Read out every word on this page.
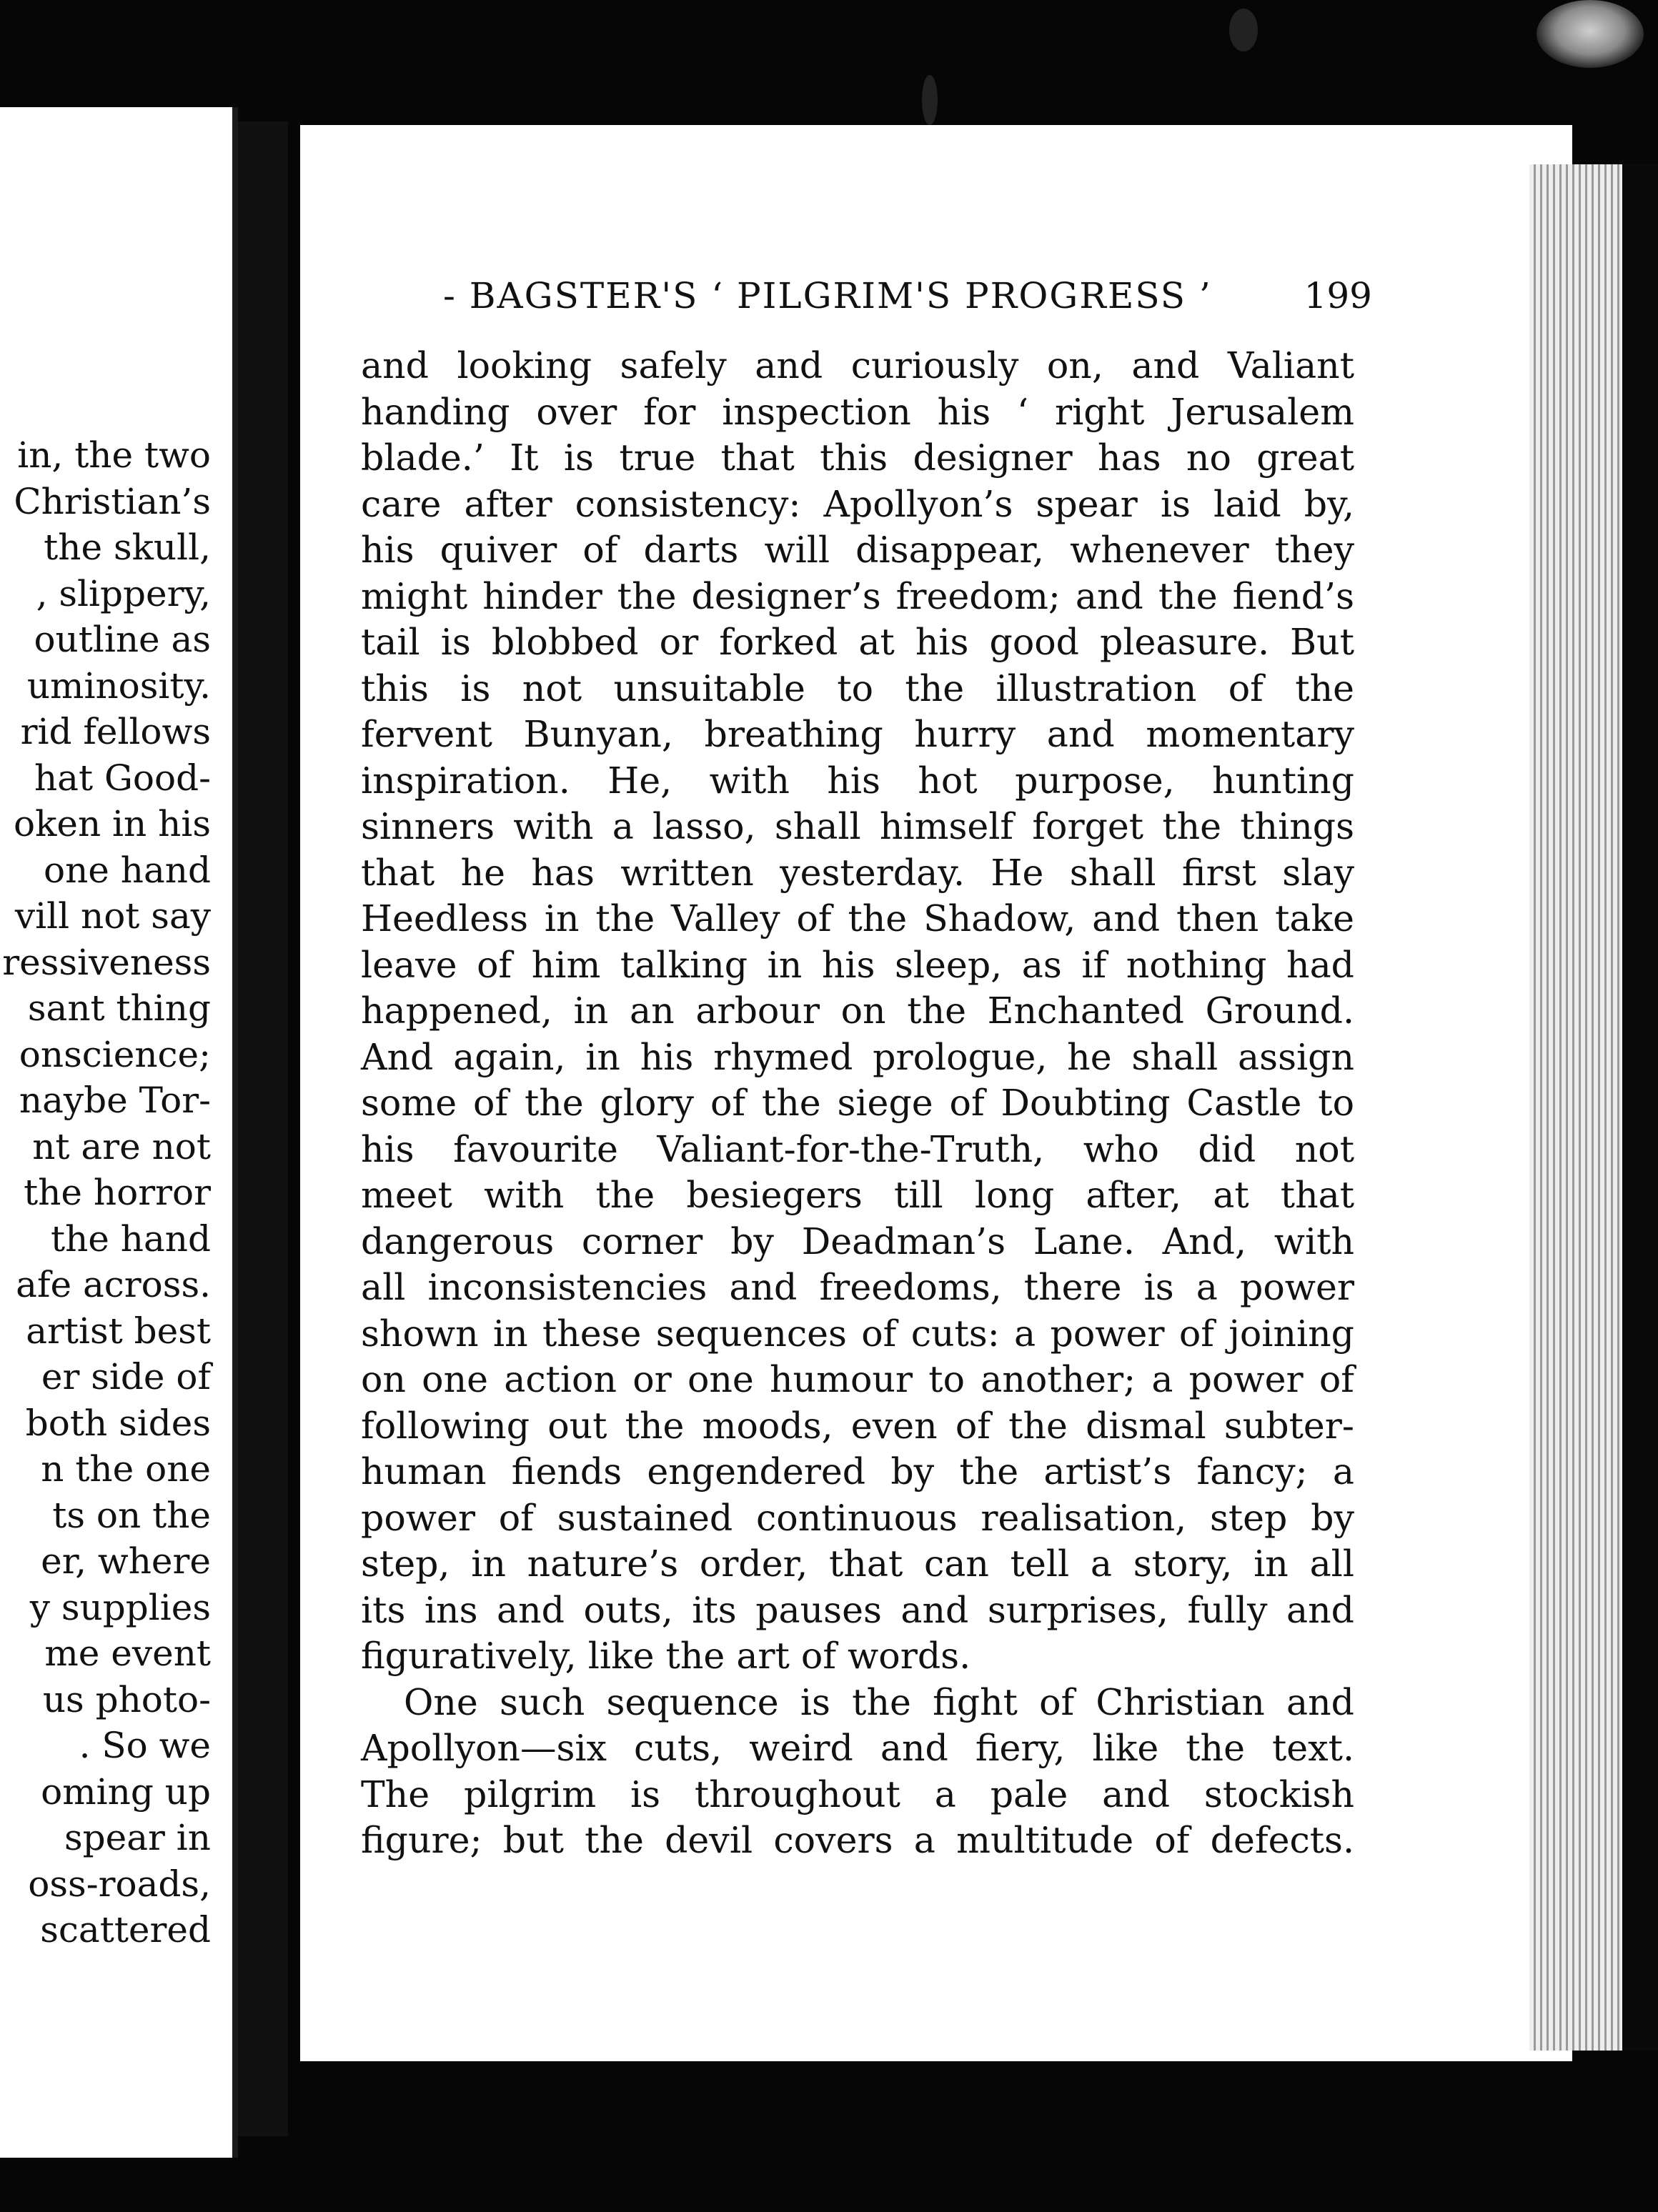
in, the two
Christian’s
the skull,
, slippery,
outline as
uminosity.
rid fellows
hat Good-
oken in his
one hand
vill not say
ressiveness
sant thing
onscience;
naybe Tor-
nt are not
the horror
the hand
afe across.
artist best
er side of
both sides
n the one
ts on the
er, where
y supplies
me event
us photo-
. So we
oming up
spear in
oss-roads,
scattered
- BAGSTER'S ‘ PILGRIM'S PROGRESS ’	199
and looking safely and curiously on, and Valiant
handing over for inspection his ‘ right Jerusalem
blade.’ It is true that this designer has no great
care after consistency: Apollyon’s spear is laid by,
his quiver of darts will disappear, whenever they
might hinder the designer’s freedom; and the fiend’s
tail is blobbed or forked at his good pleasure. But
this is not unsuitable to the illustration of the
fervent Bunyan, breathing hurry and momentary
inspiration. He, with his hot purpose, hunting
sinners with a lasso, shall himself forget the things
that he has written yesterday. He shall first slay
Heedless in the Valley of the Shadow, and then take
leave of him talking in his sleep, as if nothing had
happened, in an arbour on the Enchanted Ground.
And again, in his rhymed prologue, he shall assign
some of the glory of the siege of Doubting Castle to
his favourite Valiant-for-the-Truth, who did not
meet with the besiegers till long after, at that
dangerous corner by Deadman’s Lane. And, with
all inconsistencies and freedoms, there is a power
shown in these sequences of cuts: a power of joining
on one action or one humour to another; a power of
following out the moods, even of the dismal subter-
human fiends engendered by the artist’s fancy; a
power of sustained continuous realisation, step by
step, in nature’s order, that can tell a story, in all
its ins and outs, its pauses and surprises, fully and
figuratively, like the art of words.
One such sequence is the fight of Christian and
Apollyon—six cuts, weird and fiery, like the text.
The pilgrim is throughout a pale and stockish
figure; but the devil covers a multitude of defects.
